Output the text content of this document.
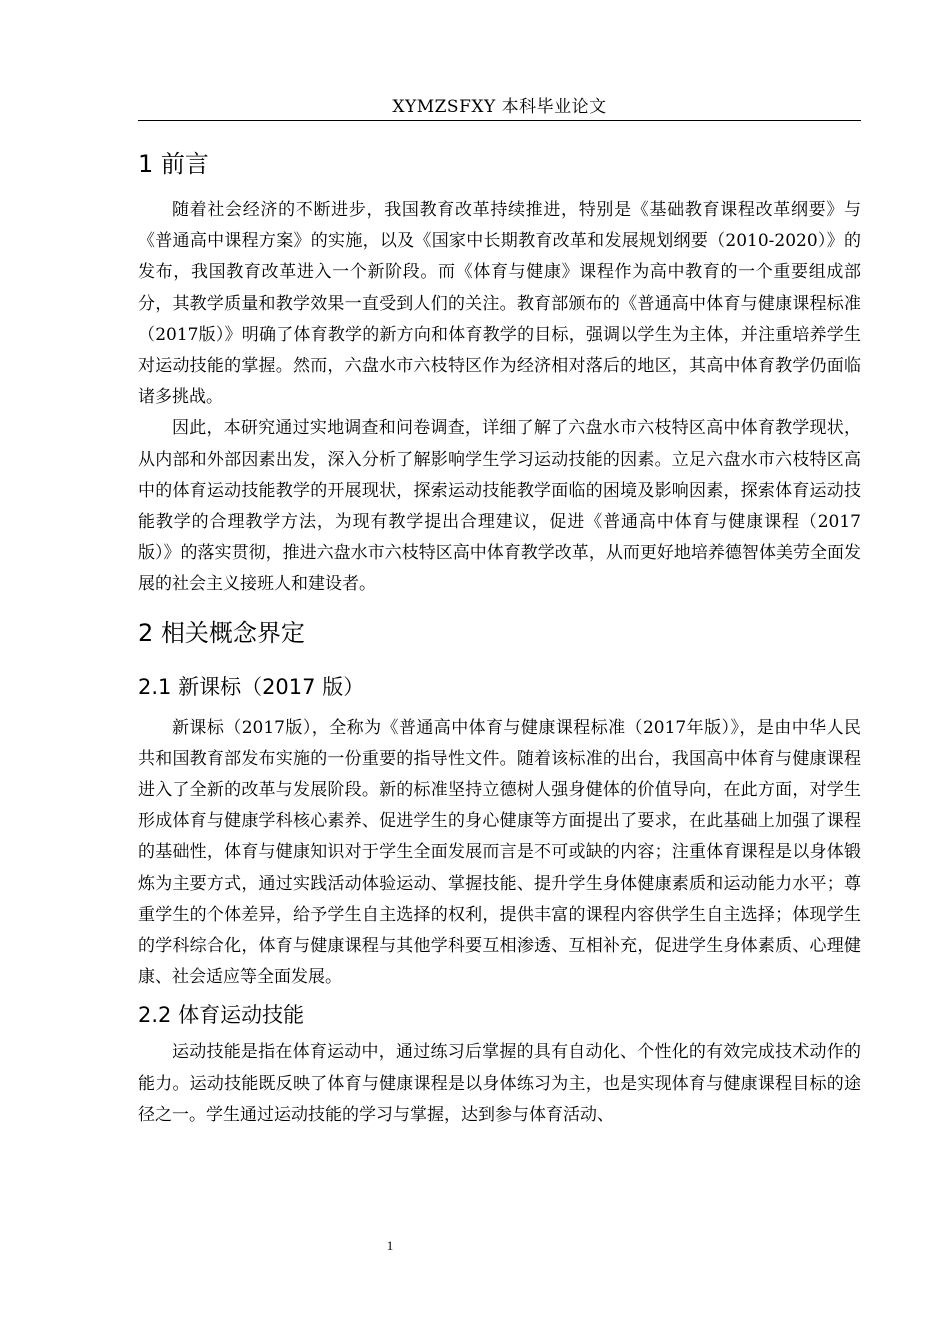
XYMZSFXY 本科毕业论文
1 前言

随着社会经济的不断进步，我国教育改革持续推进，特别是《基础教育课程改革纲要》与《普通高中课程方案》的实施，以及《国家中长期教育改革和发展规划纲要（2010-2020）》的发布，我国教育改革进入一个新阶段。而《体育与健康》课程作为高中教育的一个重要组成部分，其教学质量和教学效果一直受到人们的关注。教育部颁布的《普通高中体育与健康课程标准（2017版）》明确了体育教学的新方向和体育教学的目标，强调以学生为主体，并注重培养学生对运动技能的掌握。然而，六盘水市六枝特区作为经济相对落后的地区，其高中体育教学仍面临诸多挑战。

因此，本研究通过实地调查和问卷调查，详细了解了六盘水市六枝特区高中体育教学现状，从内部和外部因素出发，深入分析了解影响学生学习运动技能的因素。立足六盘水市六枝特区高中的体育运动技能教学的开展现状，探索运动技能教学面临的困境及影响因素，探索体育运动技能教学的合理教学方法，为现有教学提出合理建议，促进《普通高中体育与健康课程（2017版）》的落实贯彻，推进六盘水市六枝特区高中体育教学改革，从而更好地培养德智体美劳全面发展的社会主义接班人和建设者。

2 相关概念界定
2.1 新课标（2017 版）

新课标（2017版），全称为《普通高中体育与健康课程标准（2017年版）》，是由中华人民共和国教育部发布实施的一份重要的指导性文件。随着该标准的出台，我国高中体育与健康课程进入了全新的改革与发展阶段。新的标准坚持立德树人强身健体的价值导向，在此方面，对学生形成体育与健康学科核心素养、促进学生的身心健康等方面提出了要求，在此基础上加强了课程的基础性，体育与健康知识对于学生全面发展而言是不可或缺的内容；注重体育课程是以身体锻炼为主要方式，通过实践活动体验运动、掌握技能、提升学生身体健康素质和运动能力水平；尊重学生的个体差异，给予学生自主选择的权利，提供丰富的课程内容供学生自主选择；体现学生的学科综合化，体育与健康课程与其他学科要互相渗透、互相补充，促进学生身体素质、心理健康、社会适应等全面发展。

2.2 体育运动技能

运动技能是指在体育运动中，通过练习后掌握的具有自动化、个性化的有效完成技术动作的能力。运动技能既反映了体育与健康课程是以身体练习为主，也是实现体育与健康课程目标的途径之一。学生通过运动技能的学习与掌握，达到参与体育活动、

1
